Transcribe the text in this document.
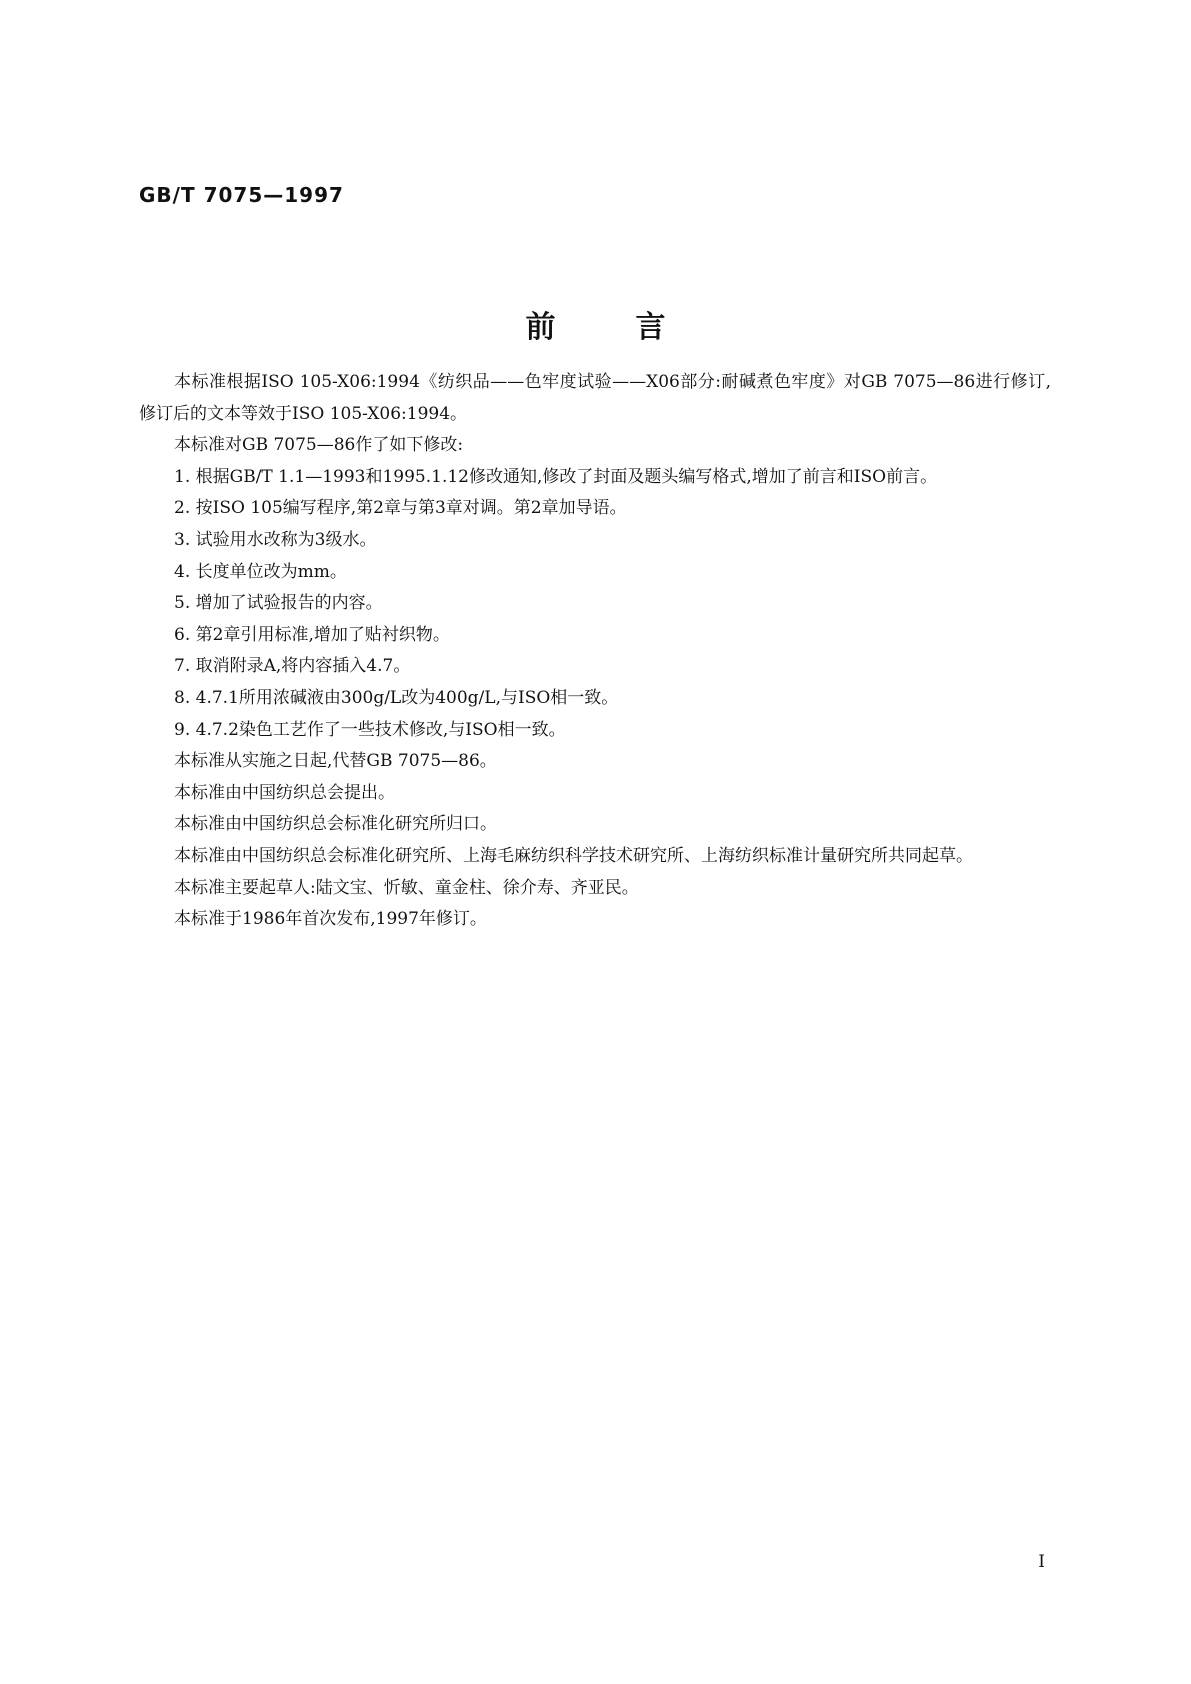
GB/T 7075—1997
前言

本标准根据ISO 105-X06:1994《纺织品——色牢度试验——X06部分:耐碱煮色牢度》对GB 7075—86进行修订,修订后的文本等效于ISO 105-X06:1994。

本标准对GB 7075—86作了如下修改:

1. 根据GB/T 1.1—1993和1995.1.12修改通知,修改了封面及题头编写格式,增加了前言和ISO前言。

2. 按ISO 105编写程序,第2章与第3章对调。第2章加导语。

3. 试验用水改称为3级水。

4. 长度单位改为mm。

5. 增加了试验报告的内容。

6. 第2章引用标准,增加了贴衬织物。

7. 取消附录A,将内容插入4.7。

8. 4.7.1所用浓碱液由300g/L改为400g/L,与ISO相一致。

9. 4.7.2染色工艺作了一些技术修改,与ISO相一致。

本标准从实施之日起,代替GB 7075—86。

本标准由中国纺织总会提出。

本标准由中国纺织总会标准化研究所归口。

本标准由中国纺织总会标准化研究所、上海毛麻纺织科学技术研究所、上海纺织标准计量研究所共同起草。

本标准主要起草人:陆文宝、忻敏、童金柱、徐介寿、齐亚民。

本标准于1986年首次发布,1997年修订。

I
